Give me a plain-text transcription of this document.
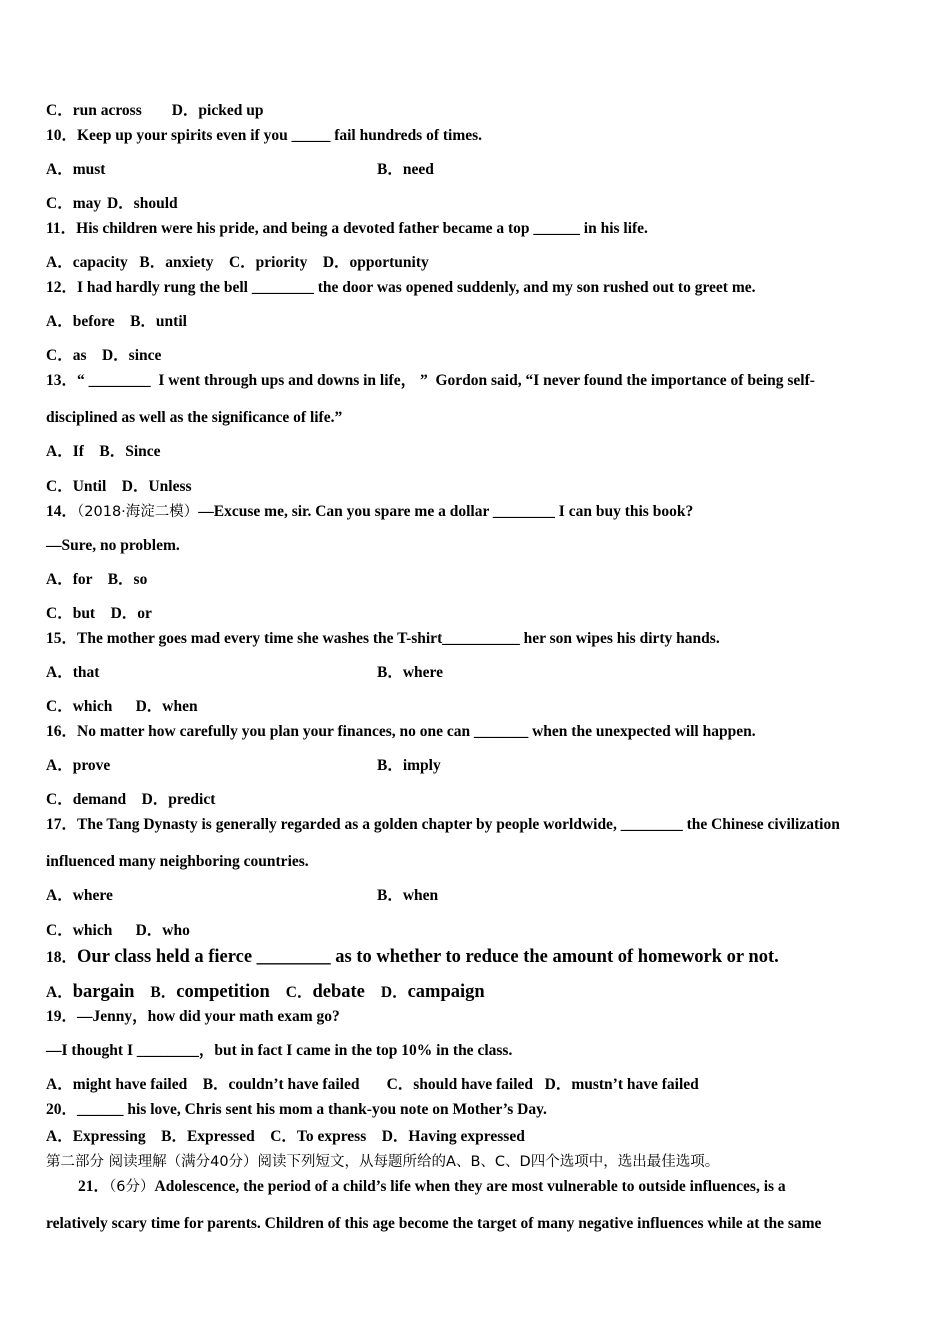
C．run across D．picked up
10．Keep up your spirits even if you _____ fail hundreds of times.
A．must	B．need
C．may D．should
11．His children were his pride, and being a devoted father became a top ______ in his life.
A．capacity   B．anxiety    C．priority    D．opportunity
12．I had hardly rung the bell ________ the door was opened suddenly, and my son rushed out to greet me.
A．before    B．until
C．as    D．since
13．“ ________  I went through ups and downs in life， ”  Gordon said, “I never found the importance of being self-
disciplined as well as the significance of life.”
A．If    B．Since
C．Until    D．Unless
14．（2018·海淀二模）—Excuse me, sir. Can you spare me a dollar ________ I can buy this book?
—Sure, no problem.
A．for    B．so
C．but    D．or
15．The mother goes mad every time she washes the T-shirt__________ her son wipes his dirty hands.
A．that	B．where
C．which      D．when
16．No matter how carefully you plan your finances, no one can _______ when the unexpected will happen.
A．prove	B．imply
C．demand    D．predict
17．The Tang Dynasty is generally regarded as a golden chapter by people worldwide, ________ the Chinese civilization
influenced many neighboring countries.
A．where	B．when
C．which      D．who
18．Our class held a fierce ________ as to whether to reduce the amount of homework or not.
A．bargain B．competition C．debate D．campaign
19．—Jenny，how did your math exam go?
—I thought I ________，but in fact I came in the top 10% in the class.
A．might have failed    B．couldn’t have failed       C．should have failed   D．mustn’t have failed
20．______ his love, Chris sent his mom a thank-you note on Mother’s Day.
A．Expressing    B．Expressed    C．To express    D．Having expressed
第二部分 阅读理解（满分40分）阅读下列短文，从每题所给的A、B、C、D四个选项中，选出最佳选项。
21．（6分）Adolescence, the period of a child’s life when they are most vulnerable to outside influences, is a
relatively scary time for parents. Children of this age become the target of many negative influences while at the same
